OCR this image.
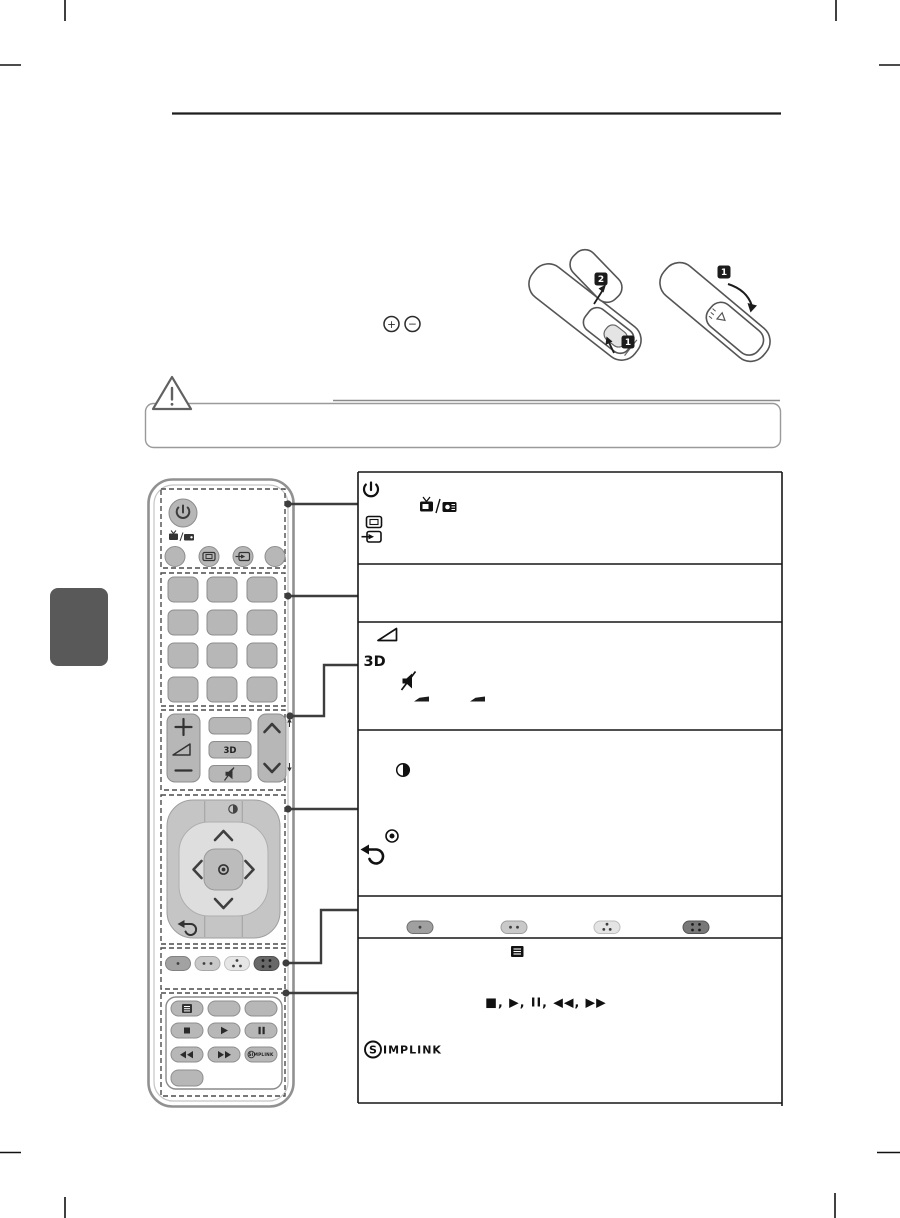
+ −
2
1
1
3D
SIMPLINK
3D
■, ▶, II, ◀◀, ▶▶
S IMPLINK
